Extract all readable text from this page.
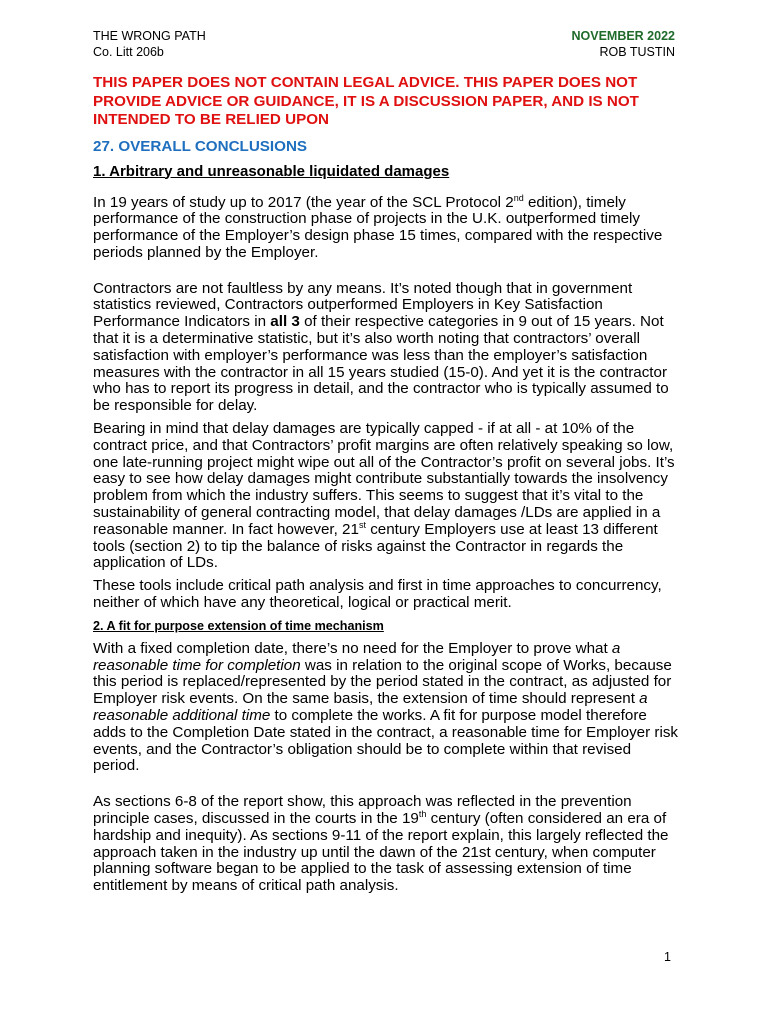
THE WRONG PATH
Co. Litt 206b
NOVEMBER 2022
ROB TUSTIN
THIS PAPER DOES NOT CONTAIN LEGAL ADVICE. THIS PAPER DOES NOT PROVIDE ADVICE OR GUIDANCE, IT IS A DISCUSSION PAPER, AND IS NOT INTENDED TO BE RELIED UPON
27. OVERALL CONCLUSIONS
1. Arbitrary and unreasonable liquidated damages

In 19 years of study up to 2017 (the year of the SCL Protocol 2nd edition), timely performance of the construction phase of projects in the U.K. outperformed timely performance of the Employer’s design phase 15 times, compared with the respective periods planned by the Employer.

Contractors are not faultless by any means. It’s noted though that in government statistics reviewed, Contractors outperformed Employers in Key Satisfaction Performance Indicators in all 3 of their respective categories in 9 out of 15 years. Not that it is a determinative statistic, but it’s also worth noting that contractors’ overall satisfaction with employer’s performance was less than the employer’s satisfaction measures with the contractor in all 15 years studied (15-0). And yet it is the contractor who has to report its progress in detail, and the contractor who is typically assumed to be responsible for delay.

Bearing in mind that delay damages are typically capped - if at all - at 10% of the contract price, and that Contractors’ profit margins are often relatively speaking so low, one late-running project might wipe out all of the Contractor’s profit on several jobs. It’s easy to see how delay damages might contribute substantially towards the insolvency problem from which the industry suffers. This seems to suggest that it’s vital to the sustainability of general contracting model, that delay damages /LDs are applied in a reasonable manner. In fact however, 21st century Employers use at least 13 different tools (section 2) to tip the balance of risks against the Contractor in regards the application of LDs.

These tools include critical path analysis and first in time approaches to concurrency, neither of which have any theoretical, logical or practical merit.

2. A fit for purpose extension of time mechanism

With a fixed completion date, there’s no need for the Employer to prove what a reasonable time for completion was in relation to the original scope of Works, because this period is replaced/represented by the period stated in the contract, as adjusted for Employer risk events. On the same basis, the extension of time should represent a reasonable additional time to complete the works. A fit for purpose model therefore adds to the Completion Date stated in the contract, a reasonable time for Employer risk events, and the Contractor’s obligation should be to complete within that revised period.

As sections 6-8 of the report show, this approach was reflected in the prevention principle cases, discussed in the courts in the 19th century (often considered an era of hardship and inequity). As sections 9-11 of the report explain, this largely reflected the approach taken in the industry up until the dawn of the 21st century, when computer planning software began to be applied to the task of assessing extension of time entitlement by means of critical path analysis.

1
